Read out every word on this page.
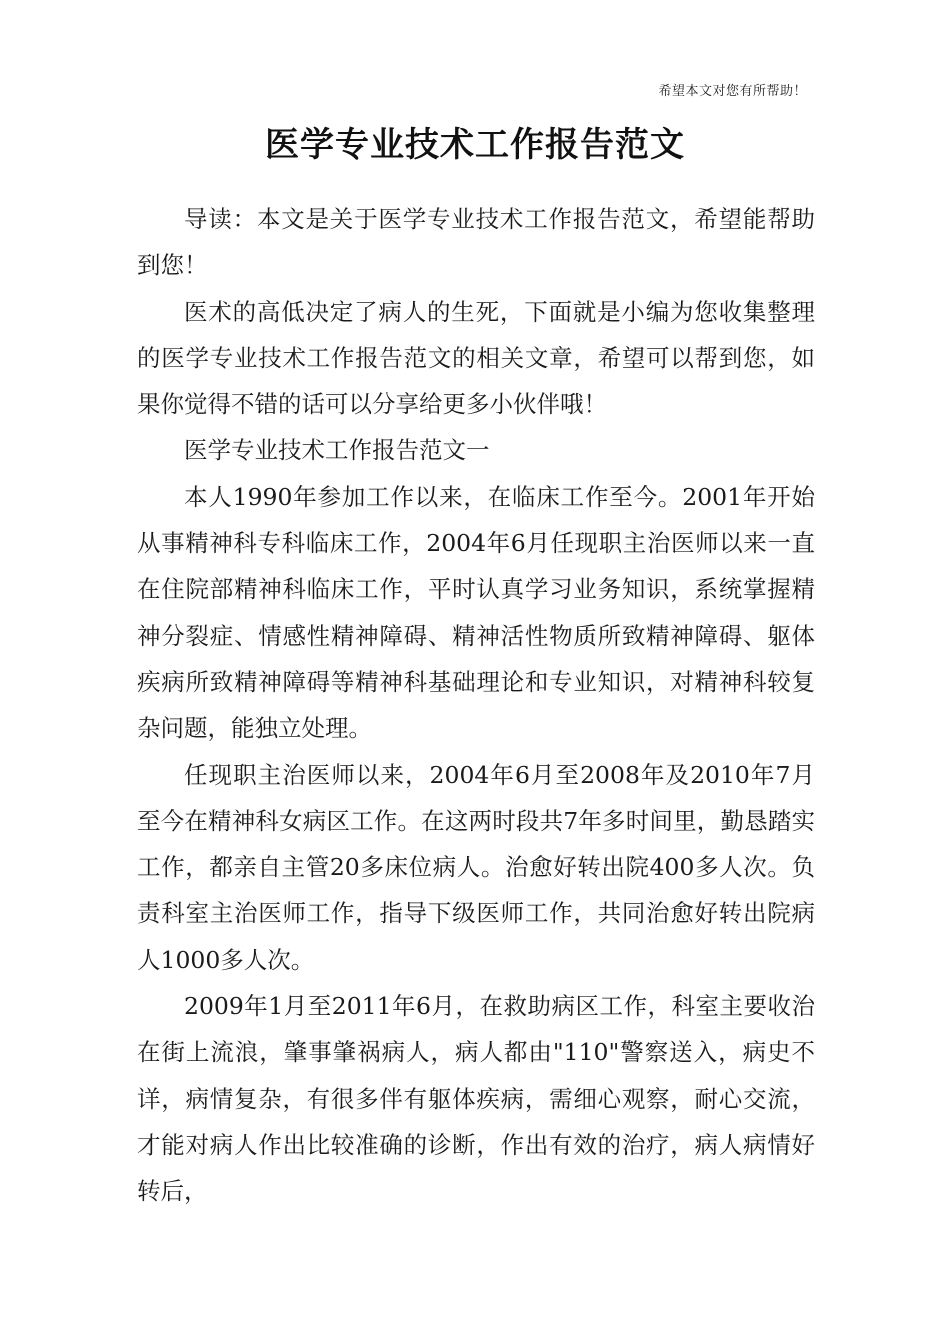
希望本文对您有所帮助！
医学专业技术工作报告范文

导读：本文是关于医学专业技术工作报告范文，希望能帮助到您！

医术的高低决定了病人的生死，下面就是小编为您收集整理的医学专业技术工作报告范文的相关文章，希望可以帮到您，如果你觉得不错的话可以分享给更多小伙伴哦！

医学专业技术工作报告范文一

本人1990年参加工作以来，在临床工作至今。2001年开始从事精神科专科临床工作，2004年6月任现职主治医师以来一直在住院部精神科临床工作，平时认真学习业务知识，系统掌握精神分裂症、情感性精神障碍、精神活性物质所致精神障碍、躯体疾病所致精神障碍等精神科基础理论和专业知识，对精神科较复杂问题，能独立处理。

任现职主治医师以来，2004年6月至2008年及2010年7月至今在精神科女病区工作。在这两时段共7年多时间里，勤恳踏实工作，都亲自主管20多床位病人。治愈好转出院400多人次。负责科室主治医师工作，指导下级医师工作，共同治愈好转出院病人1000多人次。

2009年1月至2011年6月，在救助病区工作，科室主要收治在街上流浪，肇事肇祸病人，病人都由"110"警察送入，病史不详，病情复杂，有很多伴有躯体疾病，需细心观察，耐心交流，才能对病人作出比较准确的诊断，作出有效的治疗，病人病情好转后，
